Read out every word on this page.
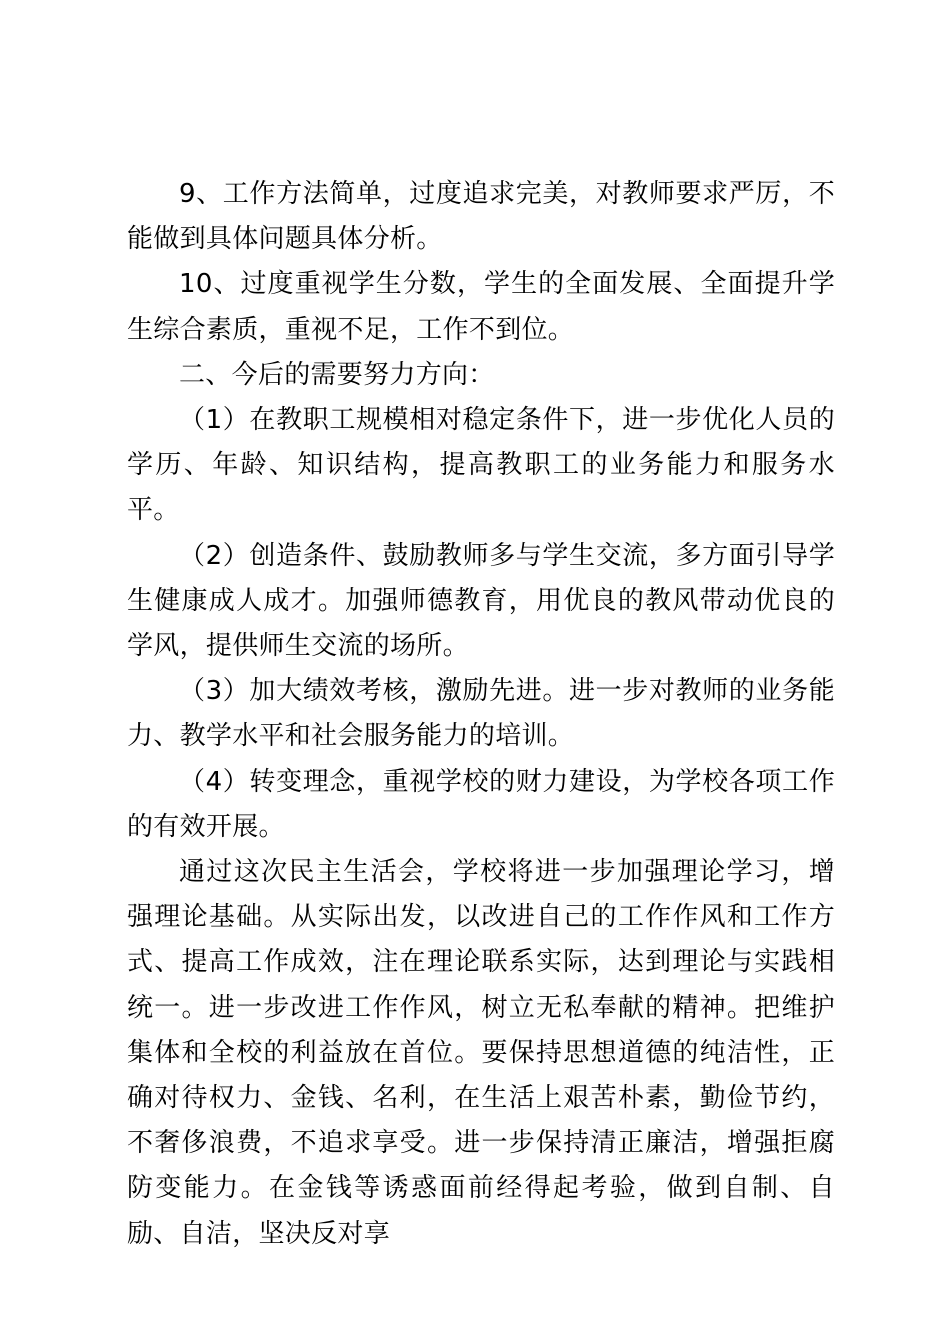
9、工作方法简单，过度追求完美，对教师要求严厉，不能做到具体问题具体分析。

10、过度重视学生分数，学生的全面发展、全面提升学生综合素质，重视不足，工作不到位。

二、今后的需要努力方向：

（1）在教职工规模相对稳定条件下，进一步优化人员的学历、年龄、知识结构，提高教职工的业务能力和服务水平。

（2）创造条件、鼓励教师多与学生交流，多方面引导学生健康成人成才。加强师德教育，用优良的教风带动优良的学风，提供师生交流的场所。

（3）加大绩效考核，激励先进。进一步对教师的业务能力、教学水平和社会服务能力的培训。

（4）转变理念，重视学校的财力建设，为学校各项工作的有效开展。

通过这次民主生活会，学校将进一步加强理论学习，增强理论基础。从实际出发，以改进自己的工作作风和工作方式、提高工作成效，注在理论联系实际，达到理论与实践相统一。进一步改进工作作风，树立无私奉献的精神。把维护集体和全校的利益放在首位。要保持思想道德的纯洁性，正确对待权力、金钱、名利，在生活上艰苦朴素，勤俭节约，不奢侈浪费，不追求享受。进一步保持清正廉洁，增强拒腐防变能力。在金钱等诱惑面前经得起考验，做到自制、自励、自洁，坚决反对享
